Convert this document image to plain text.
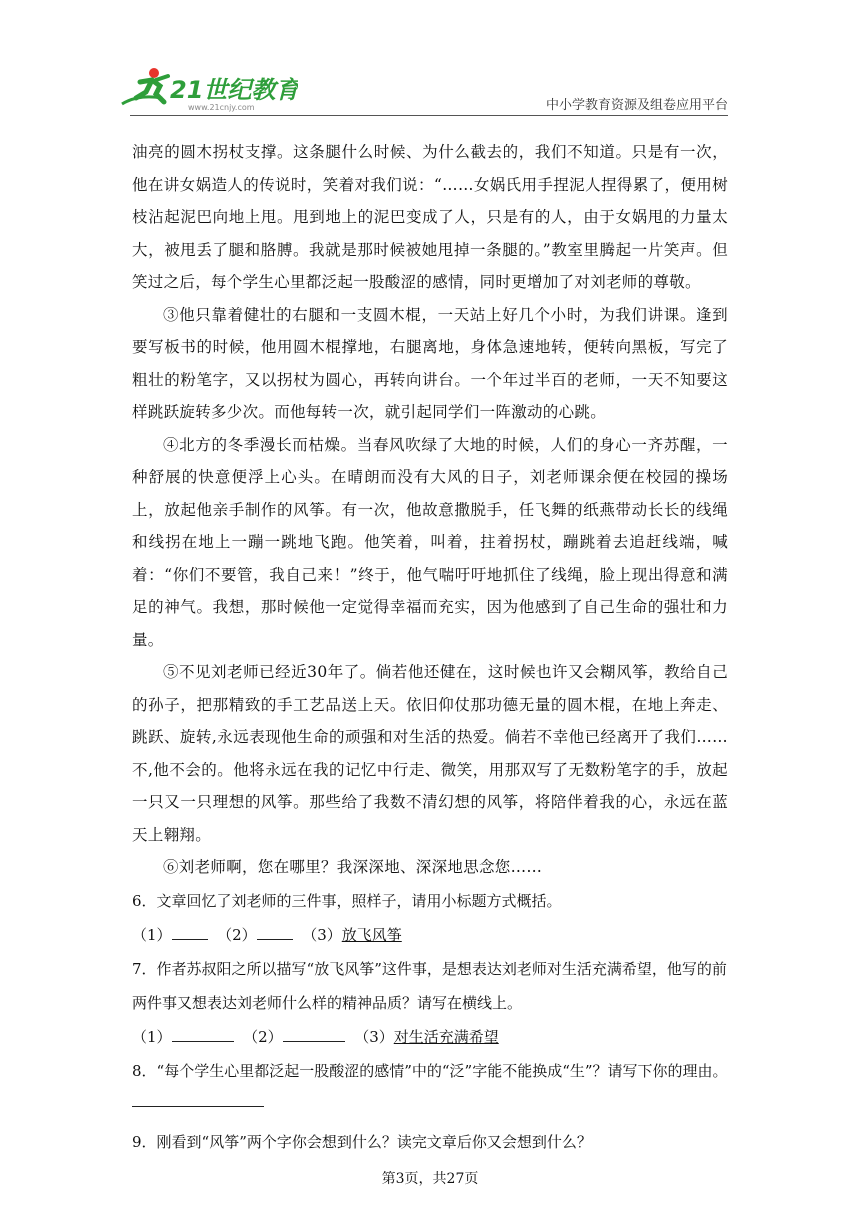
21世纪教育
www.21cnjy.com	中小学教育资源及组卷应用平台

油亮的圆木拐杖支撑。这条腿什么时候、为什么截去的，我们不知道。只是有一次，他在讲女娲造人的传说时，笑着对我们说：“……女娲氏用手捏泥人捏得累了，便用树枝沾起泥巴向地上甩。甩到地上的泥巴变成了人，只是有的人，由于女娲甩的力量太大，被甩丢了腿和胳膊。我就是那时候被她甩掉一条腿的。”教室里腾起一片笑声。但笑过之后，每个学生心里都泛起一股酸涩的感情，同时更增加了对刘老师的尊敬。

③他只靠着健壮的右腿和一支圆木棍，一天站上好几个小时，为我们讲课。逢到要写板书的时候，他用圆木棍撑地，右腿离地，身体急速地转，便转向黑板，写完了粗壮的粉笔字，又以拐杖为圆心，再转向讲台。一个年过半百的老师，一天不知要这样跳跃旋转多少次。而他每转一次，就引起同学们一阵激动的心跳。

④北方的冬季漫长而枯燥。当春风吹绿了大地的时候，人们的身心一齐苏醒，一种舒展的快意便浮上心头。在晴朗而没有大风的日子，刘老师课余便在校园的操场上，放起他亲手制作的风筝。有一次，他故意撒脱手，任飞舞的纸燕带动长长的线绳和线拐在地上一蹦一跳地飞跑。他笑着，叫着，拄着拐杖，蹦跳着去追赶线端，喊着：“你们不要管，我自己来！”终于，他气喘吁吁地抓住了线绳，脸上现出得意和满足的神气。我想，那时候他一定觉得幸福而充实，因为他感到了自己生命的强壮和力量。

⑤不见刘老师已经近30年了。倘若他还健在，这时候也许又会糊风筝，教给自己的孙子，把那精致的手工艺品送上天。依旧仰仗那功德无量的圆木棍，在地上奔走、跳跃、旋转,永远表现他生命的顽强和对生活的热爱。倘若不幸他已经离开了我们……不,他不会的。他将永远在我的记忆中行走、微笑，用那双写了无数粉笔字的手，放起一只又一只理想的风筝。那些给了我数不清幻想的风筝，将陪伴着我的心，永远在蓝天上翱翔。

⑥刘老师啊，您在哪里？我深深地、深深地思念您……

6．文章回忆了刘老师的三件事，照样子，请用小标题方式概括。

（1）	（2）	（3）放飞风筝

7．作者苏叔阳之所以描写“放飞风筝”这件事，是想表达刘老师对生活充满希望，他写的前两件事又想表达刘老师什么样的精神品质？请写在横线上。

（1）	（2）	（3）对生活充满希望

8．“每个学生心里都泛起一股酸涩的感情”中的“泛”字能不能换成“生”？请写下你的理由。

9．刚看到“风筝”两个字你会想到什么？读完文章后你又会想到什么？

第3页，共27页
